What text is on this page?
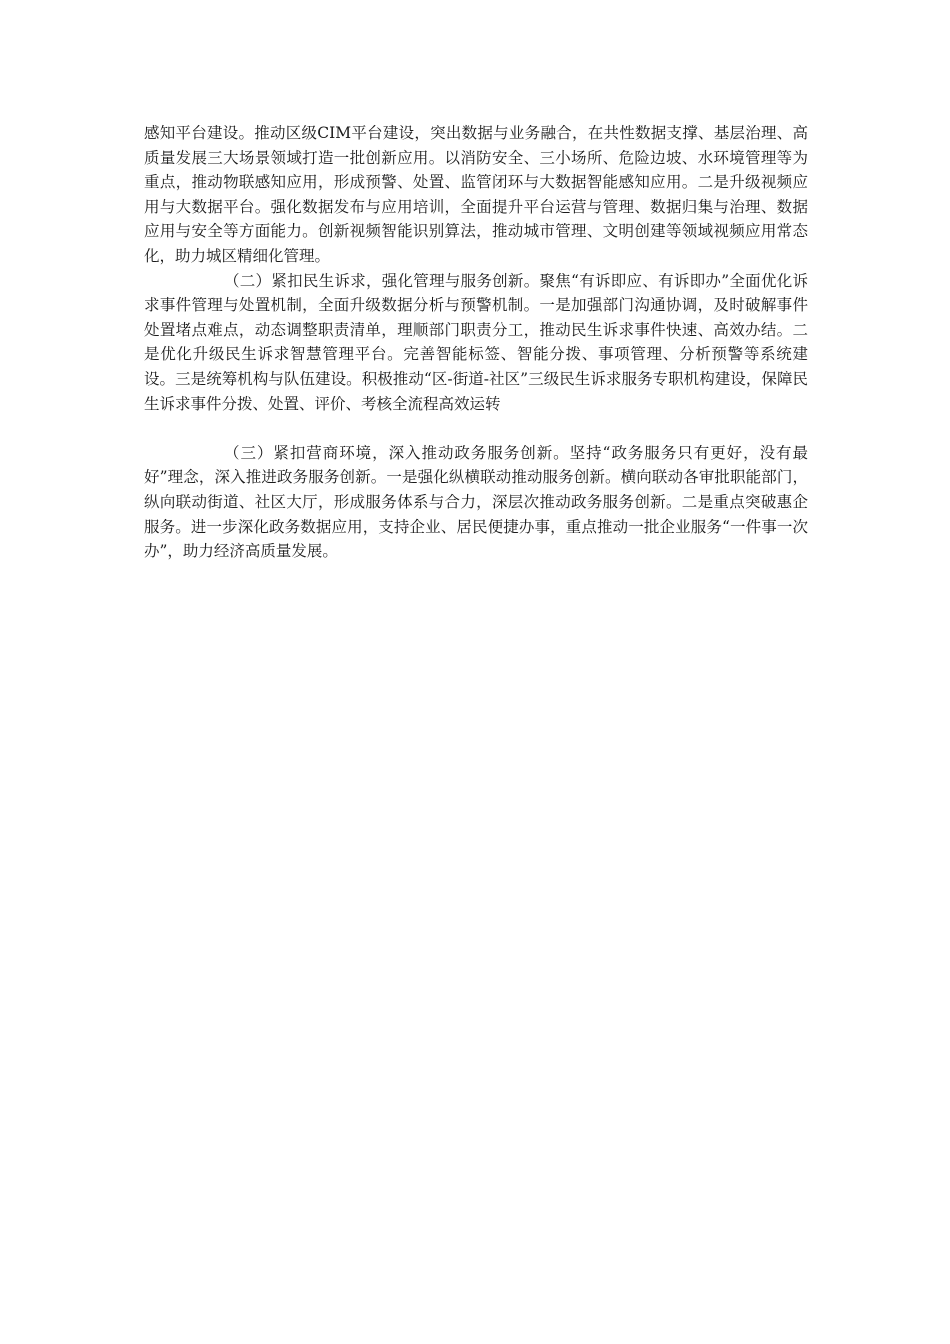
感知平台建设。推动区级CIM平台建设，突出数据与业务融合，在共性数据支撑、基层治理、高质量发展三大场景领域打造一批创新应用。以消防安全、三小场所、危险边坡、水环境管理等为重点，推动物联感知应用，形成预警、处置、监管闭环与大数据智能感知应用。二是升级视频应用与大数据平台。强化数据发布与应用培训，全面提升平台运营与管理、数据归集与治理、数据应用与安全等方面能力。创新视频智能识别算法，推动城市管理、文明创建等领域视频应用常态化，助力城区精细化管理。

（二）紧扣民生诉求，强化管理与服务创新。聚焦“有诉即应、有诉即办”全面优化诉求事件管理与处置机制，全面升级数据分析与预警机制。一是加强部门沟通协调，及时破解事件处置堵点难点，动态调整职责清单，理顺部门职责分工，推动民生诉求事件快速、高效办结。二是优化升级民生诉求智慧管理平台。完善智能标签、智能分拨、事项管理、分析预警等系统建设。三是统筹机构与队伍建设。积极推动“区-街道-社区”三级民生诉求服务专职机构建设，保障民生诉求事件分拨、处置、评价、考核全流程高效运转

（三）紧扣营商环境，深入推动政务服务创新。坚持“政务服务只有更好，没有最好”理念，深入推进政务服务创新。一是强化纵横联动推动服务创新。横向联动各审批职能部门，纵向联动街道、社区大厅，形成服务体系与合力，深层次推动政务服务创新。二是重点突破惠企服务。进一步深化政务数据应用，支持企业、居民便捷办事，重点推动一批企业服务“一件事一次办”，助力经济高质量发展。
